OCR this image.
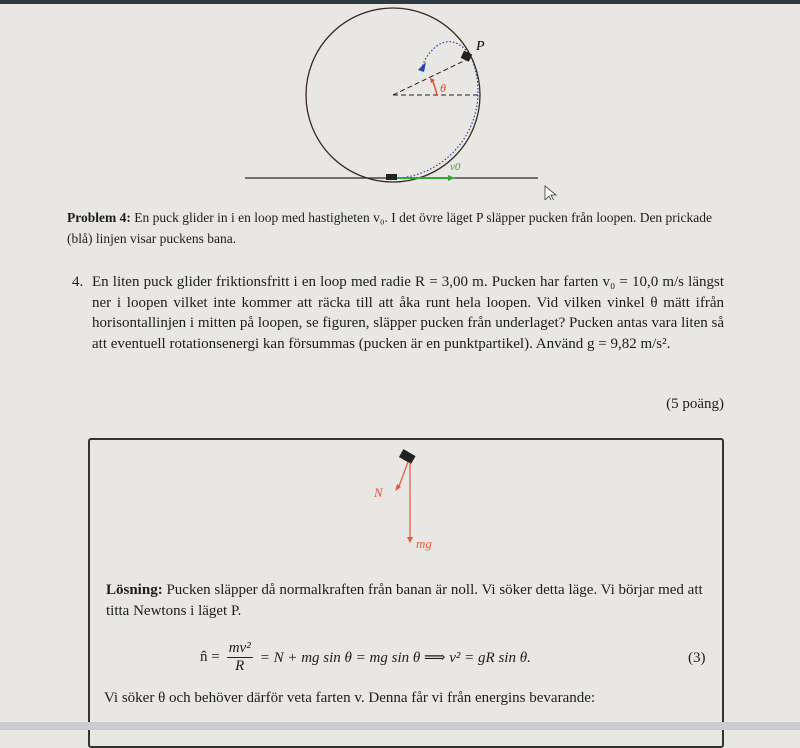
P
θ
v0
Problem 4: En puck glider in i en loop med hastigheten v₀. I det övre läget P släpper pucken från loopen. Den prickade (blå) linjen visar puckens bana.
4. En liten puck glider friktionsfritt i en loop med radie R = 3,00 m. Pucken har farten v₀ = 10,0 m/s längst ner i loopen vilket inte kommer att räcka till att åka runt hela loopen. Vid vilken vinkel θ mätt ifrån horisontallinjen i mitten på loopen, se figuren, släpper pucken från underlaget? Pucken antas vara liten så att eventuell rotationsenergi kan försummas (pucken är en punktpartikel). Använd g = 9,82 m/s².
(5 poäng)
N
mg
Lösning: Pucken släpper då normalkraften från banan är noll. Vi söker detta läge. Vi börjar med att titta Newtons i läget P.
n̂ = $\frac{\text{mv²}}{R} = N$ + mg sin θ = mg sin θ ⟹ v² = gR sin θ.	(3)
Vi söker θ och behöver därför veta farten v. Denna får vi från energins bevarande:
